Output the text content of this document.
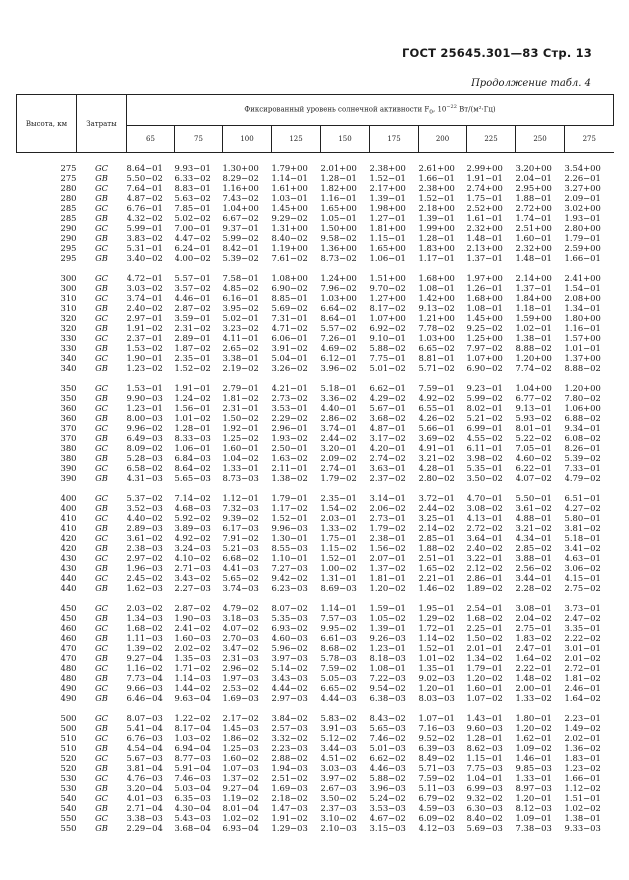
ГОСТ 25645.301—83 Стр. 13
Продолжение табл. 4
Высота, км	Затраты	Фиксированный уровень солнечной активности $F_0$, $10^{-22}$ Вт/(м²·Гц)									
		65	75	100	125	150	175	200	225	250	275

275	GC	8.64−01	9.93−01	1.30+00	1.79+00	2.01+00	2.38+00	2.61+00	2.99+00	3.20+00	3.54+00
275	GB	5.50−02	6.33−02	8.29−02	1.14−01	1.28−01	1.52−01	1.66−01	1.91−01	2.04−01	2.26−01
280	GC	7.64−01	8.83−01	1.16+00	1.61+00	1.82+00	2.17+00	2.38+00	2.74+00	2.95+00	3.27+00
280	GB	4.87−02	5.63−02	7.43−02	1.03−01	1.16−01	1.39−01	1.52−01	1.75−01	1.88−01	2.09−01
285	GC	6.76−01	7.85−01	1.04+00	1.45+00	1.65+00	1.98+00	2.18+00	2.52+00	2.72+00	3.02+00
285	GB	4.32−02	5.02−02	6.67−02	9.29−02	1.05−01	1.27−01	1.39−01	1.61−01	1.74−01	1.93−01
290	GC	5.99−01	7.00−01	9.37−01	1.31+00	1.50+00	1.81+00	1.99+00	2.32+00	2.51+00	2.80+00
290	GB	3.83−02	4.47−02	5.99−02	8.40−02	9.58−02	1.15−01	1.28−01	1.48−01	1.60−01	1.79−01
295	GC	5.31−01	6.24−01	8.42−01	1.19+00	1.36+00	1.65+00	1.83+00	2.13+00	2.32+00	2.59+00
295	GB	3.40−02	4.00−02	5.39−02	7.61−02	8.73−02	1.06−01	1.17−01	1.37−01	1.48−01	1.66−01

300	GC	4.72−01	5.57−01	7.58−01	1.08+00	1.24+00	1.51+00	1.68+00	1.97+00	2.14+00	2.41+00
300	GB	3.03−02	3.57−02	4.85−02	6.90−02	7.96−02	9.70−02	1.08−01	1.26−01	1.37−01	1.54−01
310	GC	3.74−01	4.46−01	6.16−01	8.85−01	1.03+00	1.27+00	1.42+00	1.68+00	1.84+00	2.08+00
310	GB	2.40−02	2.87−02	3.95−02	5.69−02	6.64−02	8.17−02	9.13−02	1.08−01	1.18−01	1.34−01
320	GC	2.97−01	3.59−01	5.02−01	7.31−01	8.64−01	1.07+00	1.21+00	1.45+00	1.59+00	1.80+00
320	GB	1.91−02	2.31−02	3.23−02	4.71−02	5.57−02	6.92−02	7.78−02	9.25−02	1.02−01	1.16−01
330	GC	2.37−01	2.89−01	4.11−01	6.06−01	7.26−01	9.10−01	1.03+00	1.25+00	1.38−01	1.57+00
330	GB	1.53−02	1.87−02	2.65−02	3.91−02	4.69−02	5.88−02	6.65−02	7.97−02	8.88−02	1.01−01
340	GC	1.90−01	2.35−01	3.38−01	5.04−01	6.12−01	7.75−01	8.81−01	1.07+00	1.20+00	1.37+00
340	GB	1.23−02	1.52−02	2.19−02	3.26−02	3.96−02	5.01−02	5.71−02	6.90−02	7.74−02	8.88−02

350	GC	1.53−01	1.91−01	2.79−01	4.21−01	5.18−01	6.62−01	7.59−01	9.23−01	1.04+00	1.20+00
350	GB	9.90−03	1.24−02	1.81−02	2.73−02	3.36−02	4.29−02	4.92−02	5.99−02	6.77−02	7.80−02
360	GC	1.23−01	1.56−01	2.31−01	3.53−01	4.40−01	5.67−01	6.55−01	8.02−01	9.13−01	1.06+00
360	GB	8.00−03	1.01−02	1.50−02	2.29−02	2.86−02	3.68−02	4.26−02	5.21−02	5.93−02	6.88−02
370	GC	9.96−02	1.28−01	1.92−01	2.96−01	3.74−01	4.87−01	5.66−01	6.99−01	8.01−01	9.34−01
370	GB	6.49−03	8.33−03	1.25−02	1.93−02	2.44−02	3.17−02	3.69−02	4.55−02	5.22−02	6.08−02
380	GC	8.09−02	1.06−01	1.60−01	2.50−01	3.20−01	4.20−01	4.91−01	6.11−01	7.05−01	8.26−01
380	GB	5.28−03	6.84−03	1.04−02	1.63−02	2.09−02	2.74−02	3.21−02	3.98−02	4.60−02	5.39−02
390	GC	6.58−02	8.64−02	1.33−01	2.11−01	2.74−01	3.63−01	4.28−01	5.35−01	6.22−01	7.33−01
390	GB	4.31−03	5.65−03	8.73−03	1.38−02	1.79−02	2.37−02	2.80−02	3.50−02	4.07−02	4.79−02

400	GC	5.37−02	7.14−02	1.12−01	1.79−01	2.35−01	3.14−01	3.72−01	4.70−01	5.50−01	6.51−01
400	GB	3.52−03	4.68−03	7.32−03	1.17−02	1.54−02	2.06−02	2.44−02	3.08−02	3.61−02	4.27−02
410	GC	4.40−02	5.92−02	9.39−02	1.52−01	2.03−01	2.73−01	3.25−01	4.13−01	4.88−01	5.80−01
410	GB	2.89−03	3.89−03	6.17−03	9.96−03	1.33−02	1.79−02	2.14−02	2.72−02	3.21−02	3.81−02
420	GC	3.61−02	4.92−02	7.91−02	1.30−01	1.75−01	2.38−01	2.85−01	3.64−01	4.34−01	5.18−01
420	GB	2.38−03	3.24−03	5.21−03	8.55−03	1.15−02	1.56−02	1.88−02	2.40−02	2.85−02	3.41−02
430	GC	2.97−02	4.10−02	6.68−02	1.10−01	1.52−01	2.07−01	2.51−01	3.22−01	3.88−01	4.63−01
430	GB	1.96−03	2.71−03	4.41−03	7.27−03	1.00−02	1.37−02	1.65−02	2.12−02	2.56−02	3.06−02
440	GC	2.45−02	3.43−02	5.65−02	9.42−02	1.31−01	1.81−01	2.21−01	2.86−01	3.44−01	4.15−01
440	GB	1.62−03	2.27−03	3.74−03	6.23−03	8.69−03	1.20−02	1.46−02	1.89−02	2.28−02	2.75−02

450	GC	2.03−02	2.87−02	4.79−02	8.07−02	1.14−01	1.59−01	1.95−01	2.54−01	3.08−01	3.73−01
450	GB	1.34−03	1.90−03	3.18−03	5.35−03	7.57−03	1.05−02	1.29−02	1.68−02	2.04−02	2.47−02
460	GC	1.68−02	2.41−02	4.07−02	6.93−02	9.95−02	1.39−01	1.72−01	2.25−01	2.75−01	3.35−01
460	GB	1.11−03	1.60−03	2.70−03	4.60−03	6.61−03	9.26−03	1.14−02	1.50−02	1.83−02	2.22−02
470	GC	1.39−02	2.02−02	3.47−02	5.96−02	8.68−02	1.23−01	1.52−01	2.01−01	2.47−01	3.01−01
470	GB	9.27−04	1.35−03	2.31−03	3.97−03	5.78−03	8.18−03	1.01−02	1.34−02	1.64−02	2.01−02
480	GC	1.16−02	1.71−02	2.96−02	5.14−02	7.59−02	1.08−01	1.35−01	1.79−01	2.22−01	2.72−01
480	GB	7.73−04	1.14−03	1.97−03	3.43−03	5.05−03	7.22−03	9.02−03	1.20−02	1.48−02	1.81−02
490	GC	9.66−03	1.44−02	2.53−02	4.44−02	6.65−02	9.54−02	1.20−01	1.60−01	2.00−01	2.46−01
490	GB	6.46−04	9.63−04	1.69−03	2.97−03	4.44−03	6.38−03	8.03−03	1.07−02	1.33−02	1.64−02

500	GC	8.07−03	1.22−02	2.17−02	3.84−02	5.83−02	8.43−02	1.07−01	1.43−01	1.80−01	2.23−01
500	GB	5.41−04	8.17−04	1.45−03	2.57−03	3.91−03	5.65−03	7.16−03	9.60−03	1.20−02	1.49−02
510	GC	6.76−03	1.03−02	1.86−02	3.32−02	5.12−02	7.46−02	9.52−02	1.28−01	1.62−01	2.02−01
510	GB	4.54−04	6.94−04	1.25−03	2.23−03	3.44−03	5.01−03	6.39−03	8.62−03	1.09−02	1.36−02
520	GC	5.67−03	8.77−03	1.60−02	2.88−02	4.51−02	6.62−02	8.49−02	1.15−01	1.46−01	1.83−01
520	GB	3.81−04	5.91−04	1.07−03	1.94−03	3.03−03	4.46−03	5.71−03	7.75−03	9.85−03	1.23−02
530	GC	4.76−03	7.46−03	1.37−02	2.51−02	3.97−02	5.88−02	7.59−02	1.04−01	1.33−01	1.66−01
530	GB	3.20−04	5.03−04	9.27−04	1.69−03	2.67−03	3.96−03	5.11−03	6.99−03	8.97−03	1.12−02
540	GC	4.01−03	6.35−03	1.19−02	2.18−02	3.50−02	5.24−02	6.79−02	9.32−02	1.20−01	1.51−01
540	GB	2.71−04	4.30−04	8.01−04	1.47−03	2.37−03	3.53−03	4.59−03	6.30−03	8.12−03	1.02−02
550	GC	3.38−03	5.43−03	1.02−02	1.91−02	3.10−02	4.67−02	6.09−02	8.40−02	1.09−01	1.38−01
550	GB	2.29−04	3.68−04	6.93−04	1.29−03	2.10−03	3.15−03	4.12−03	5.69−03	7.38−03	9.33−03
